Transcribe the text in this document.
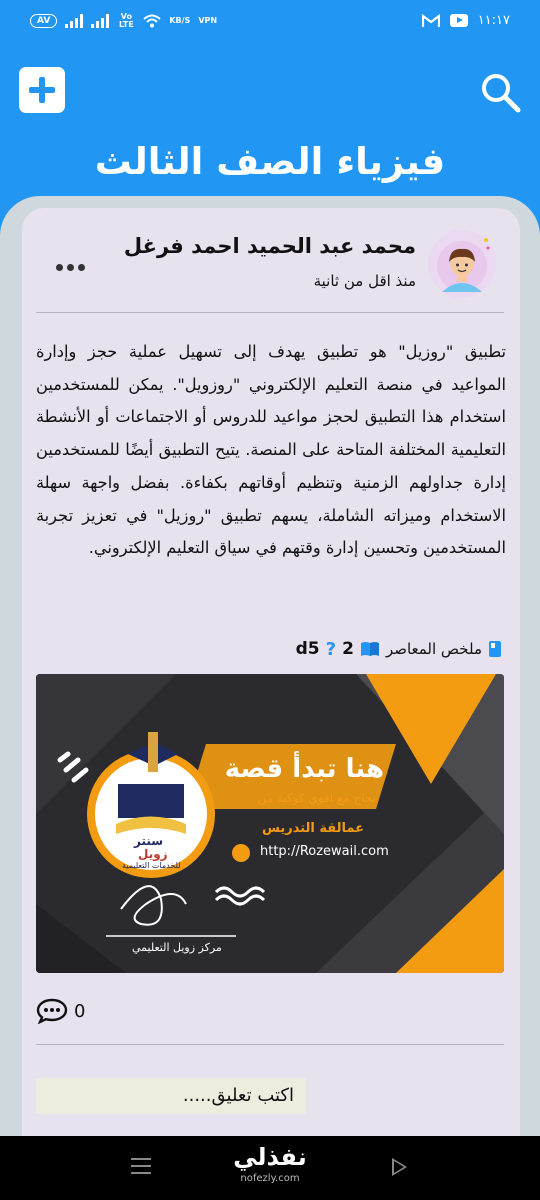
AV	Vo LTE	KB/S VPN	١١:١٧
فيزياء الصف الثالث
محمد عبد الحميد احمد فرغل
منذ اقل من ثانية
تطبيق "روزيل" هو تطبيق يهدف إلى تسهيل عملية حجز وإدارة المواعيد في منصة التعليم الإلكتروني "روزويل". يمكن للمستخدمين استخدام هذا التطبيق لحجز مواعيد للدروس أو الاجتماعات أو الأنشطة التعليمية المختلفة المتاحة على المنصة. يتيح التطبيق أيضًا للمستخدمين إدارة جداولهم الزمنية وتنظيم أوقاتهم بكفاءة. بفضل واجهة سهلة الاستخدام وميزاته الشاملة، يسهم تطبيق "روزيل" في تعزيز تجربة المستخدمين وتحسين إدارة وقتهم في سياق التعليم الإلكتروني.
ملخص المعاصر
2
?
d5
هنا تبدأ قصة
نجاح مع اقوي كوكبة من
عمالقة التدريس
http://Rozewail.com
سنتر
زويل
للخدمات التعليمية
مركز زويل التعليمي
0
اكتب تعليق.....
نفذلي
nofezly.com
